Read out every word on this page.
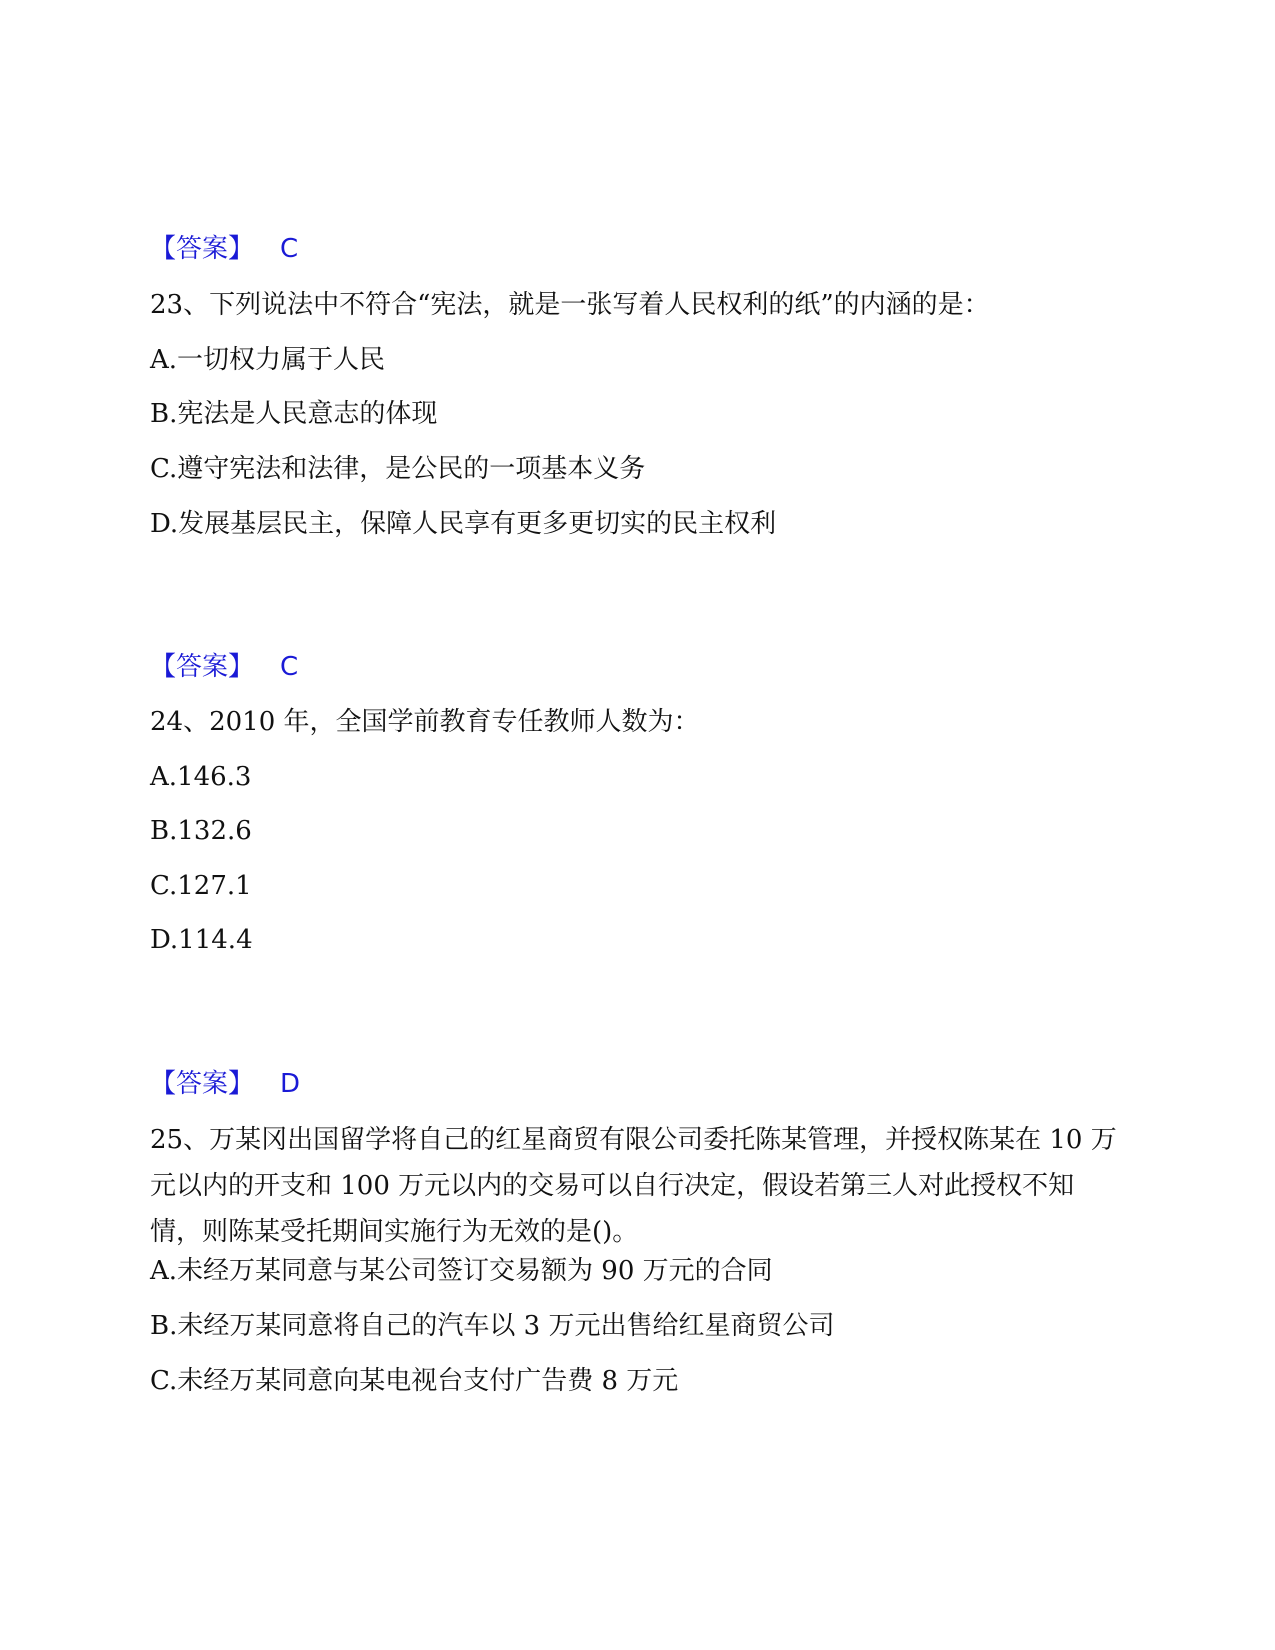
【答案】 C
23、下列说法中不符合“宪法，就是一张写着人民权利的纸”的内涵的是：
A.一切权力属于人民
B.宪法是人民意志的体现
C.遵守宪法和法律，是公民的一项基本义务
D.发展基层民主，保障人民享有更多更切实的民主权利
【答案】 C
24、2010 年，全国学前教育专任教师人数为：
A.146.3
B.132.6
C.127.1
D.114.4
【答案】 D
25、万某冈出国留学将自己的红星商贸有限公司委托陈某管理，并授权陈某在 10 万元以内的开支和 100 万元以内的交易可以自行决定，假设若第三人对此授权不知情，则陈某受托期间实施行为无效的是()。
A.未经万某同意与某公司签订交易额为 90 万元的合同
B.未经万某同意将自己的汽车以 3 万元出售给红星商贸公司
C.未经万某同意向某电视台支付广告费 8 万元
